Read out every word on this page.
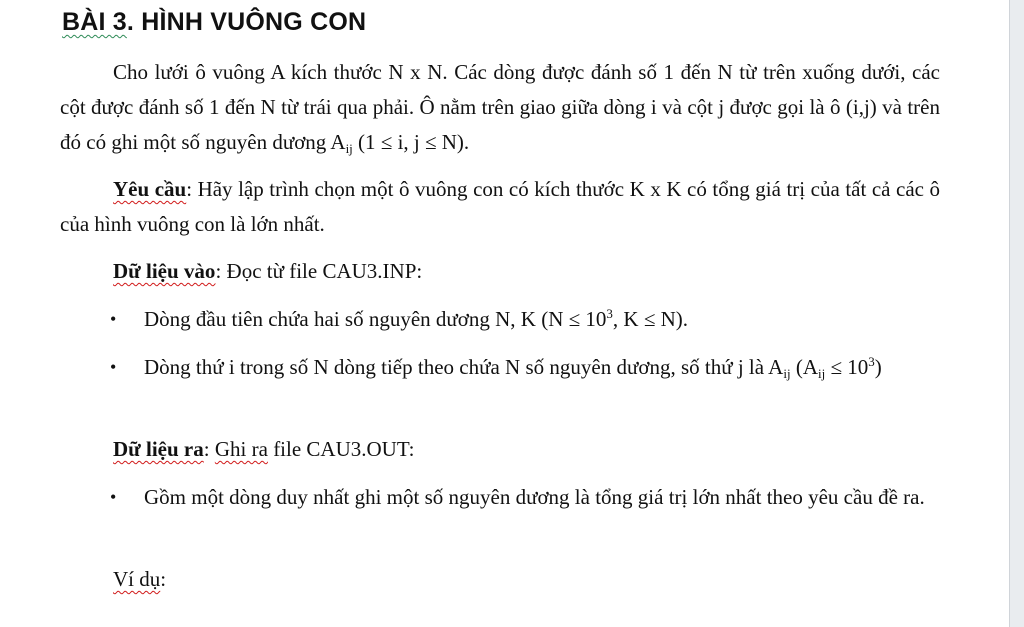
BÀI 3. HÌNH VUÔNG CON

Cho lưới ô vuông A kích thước N x N. Các dòng được đánh số 1 đến N từ trên xuống dưới, các cột được đánh số 1 đến N từ trái qua phải. Ô nằm trên giao giữa dòng i và cột j được gọi là ô (i,j) và trên đó có ghi một số nguyên dương $A_{ij}$ (1 ≤ i, j ≤ N).

Yêu cầu: Hãy lập trình chọn một ô vuông con có kích thước K x K có tổng giá trị của tất cả các ô của hình vuông con là lớn nhất.

Dữ liệu vào: Đọc từ file CAU3.INP:

•	Dòng đầu tiên chứa hai số nguyên dương N, K ($N \le 10^3$, K ≤ N).
•	Dòng thứ i trong số N dòng tiếp theo chứa N số nguyên dương, số thứ j là $A_{ij}$ $(A_{ij} \le 10^3)$

Dữ liệu ra: Ghi ra file CAU3.OUT:

•	Gồm một dòng duy nhất ghi một số nguyên dương là tổng giá trị lớn nhất theo yêu cầu đề ra.

Ví dụ:
